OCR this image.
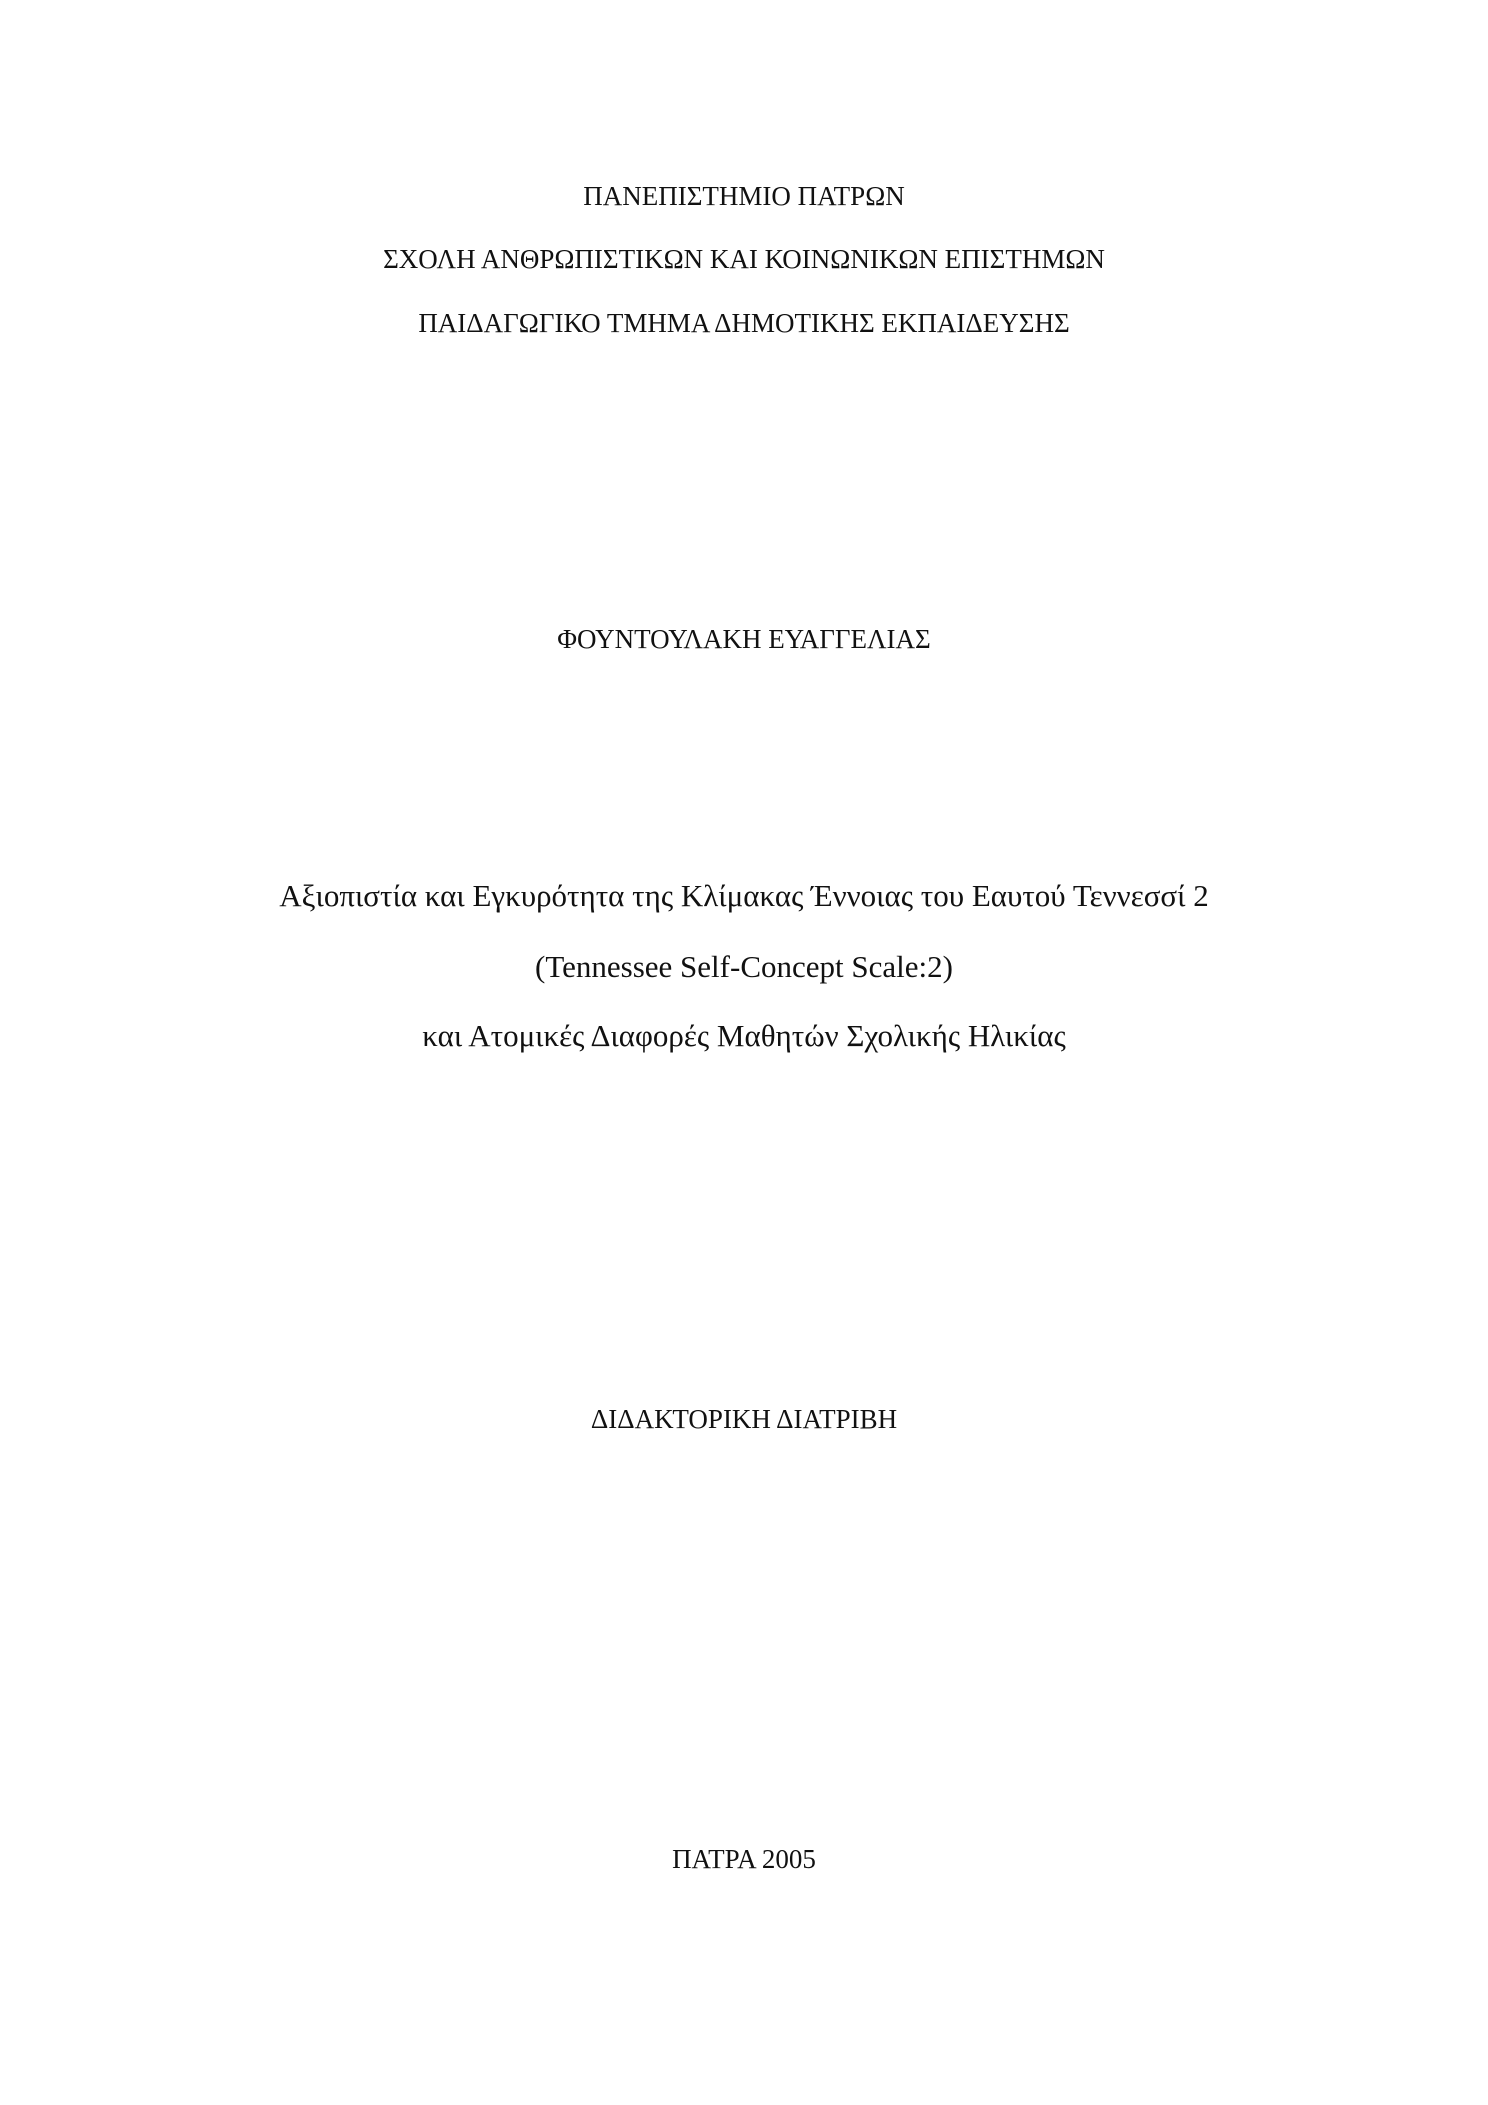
ΠΑΝΕΠΙΣΤΗΜΙΟ ΠΑΤΡΩΝ
ΣΧΟΛΗ ΑΝΘΡΩΠΙΣΤΙΚΩΝ ΚΑΙ ΚΟΙΝΩΝΙΚΩΝ ΕΠΙΣΤΗΜΩΝ
ΠΑΙΔΑΓΩΓΙΚΟ ΤΜΗΜΑ ΔΗΜΟΤΙΚΗΣ ΕΚΠΑΙΔΕΥΣΗΣ
ΦΟΥΝΤΟΥΛΑΚΗ ΕΥΑΓΓΕΛΙΑΣ
Αξιοπιστία και Εγκυρότητα της Κλίμακας Έννοιας του Εαυτού Τεννεσσί 2
(Tennessee Self-Concept Scale:2)
και Ατομικές Διαφορές Μαθητών Σχολικής Ηλικίας
ΔΙΔΑΚΤΟΡΙΚΗ ΔΙΑΤΡΙΒΗ
ΠΑΤΡΑ 2005
